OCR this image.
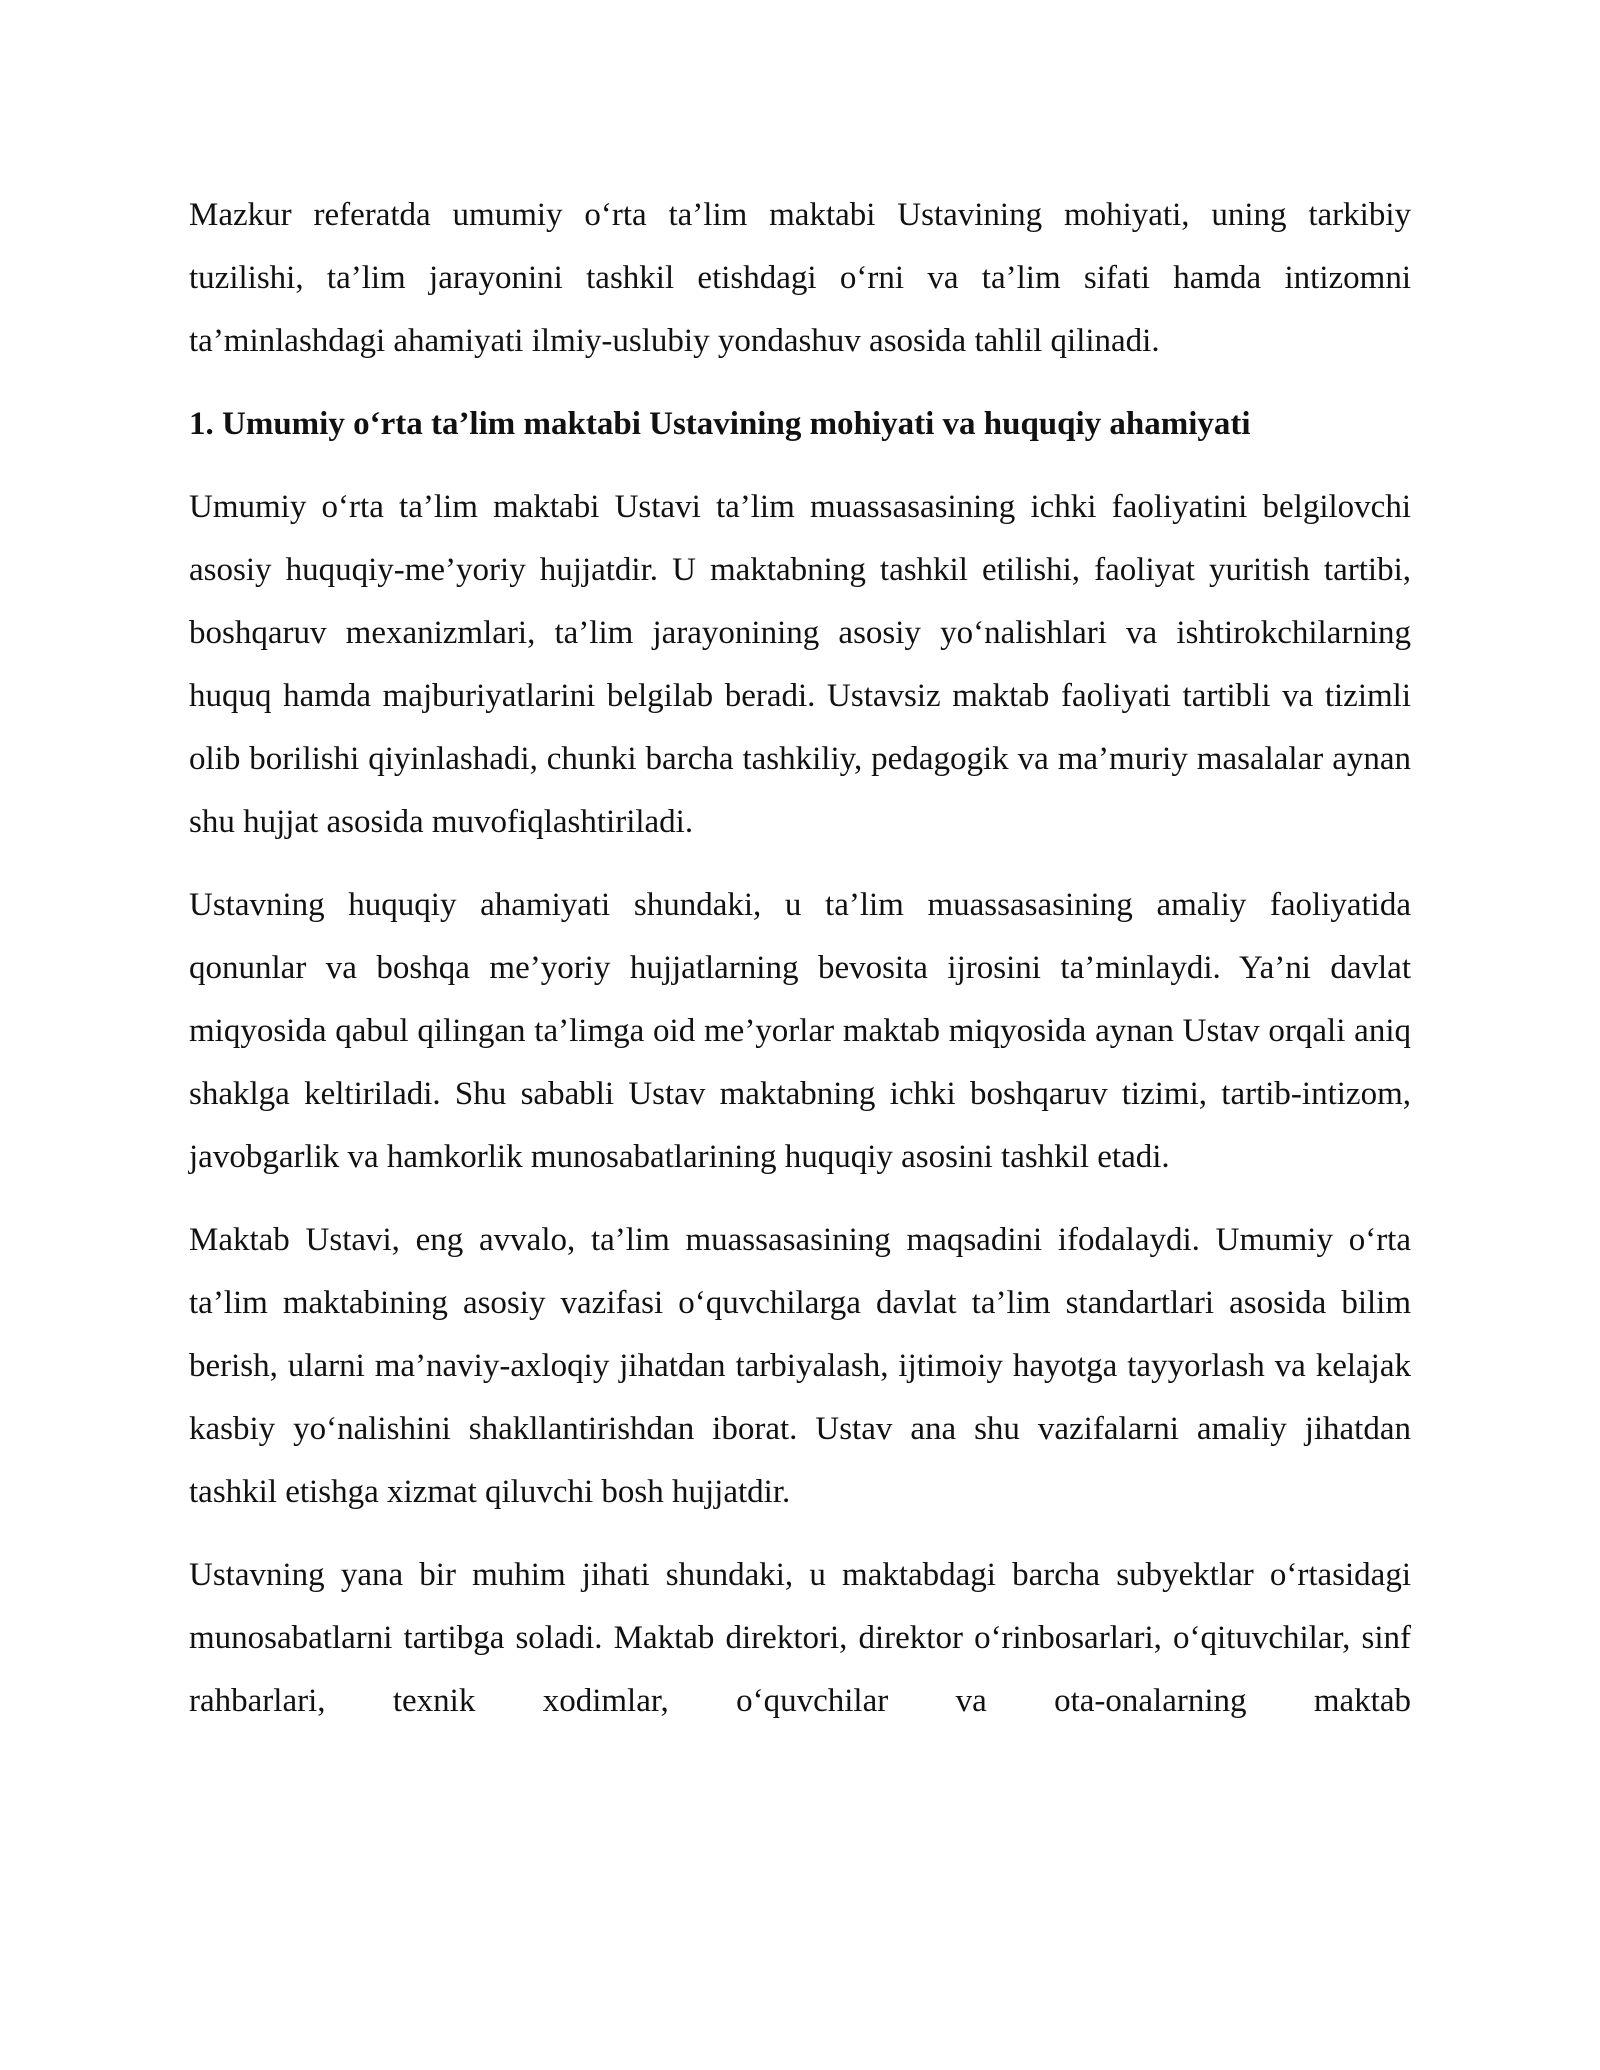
Mazkur referatda umumiy o‘rta ta’lim maktabi Ustavining mohiyati, uning tarkibiy tuzilishi, ta’lim jarayonini tashkil etishdagi o‘rni va ta’lim sifati hamda intizomni ta’minlashdagi ahamiyati ilmiy-uslubiy yondashuv asosida tahlil qilinadi.

1. Umumiy o‘rta ta’lim maktabi Ustavining mohiyati va huquqiy ahamiyati

Umumiy o‘rta ta’lim maktabi Ustavi ta’lim muassasasining ichki faoliyatini belgilovchi asosiy huquqiy-me’yoriy hujjatdir. U maktabning tashkil etilishi, faoliyat yuritish tartibi, boshqaruv mexanizmlari, ta’lim jarayonining asosiy yo‘nalishlari va ishtirokchilarning huquq hamda majburiyatlarini belgilab beradi. Ustavsiz maktab faoliyati tartibli va tizimli olib borilishi qiyinlashadi, chunki barcha tashkiliy, pedagogik va ma’muriy masalalar aynan shu hujjat asosida muvofiqlashtiriladi.

Ustavning huquqiy ahamiyati shundaki, u ta’lim muassasasining amaliy faoliyatida qonunlar va boshqa me’yoriy hujjatlarning bevosita ijrosini ta’minlaydi. Ya’ni davlat miqyosida qabul qilingan ta’limga oid me’yorlar maktab miqyosida aynan Ustav orqali aniq shaklga keltiriladi. Shu sababli Ustav maktabning ichki boshqaruv tizimi, tartib-intizom, javobgarlik va hamkorlik munosabatlarining huquqiy asosini tashkil etadi.

Maktab Ustavi, eng avvalo, ta’lim muassasasining maqsadini ifodalaydi. Umumiy o‘rta ta’lim maktabining asosiy vazifasi o‘quvchilarga davlat ta’lim standartlari asosida bilim berish, ularni ma’naviy-axloqiy jihatdan tarbiyalash, ijtimoiy hayotga tayyorlash va kelajak kasbiy yo‘nalishini shakllantirishdan iborat. Ustav ana shu vazifalarni amaliy jihatdan tashkil etishga xizmat qiluvchi bosh hujjatdir.

Ustavning yana bir muhim jihati shundaki, u maktabdagi barcha subyektlar o‘rtasidagi munosabatlarni tartibga soladi. Maktab direktori, direktor o‘rinbosarlari, o‘qituvchilar, sinf rahbarlari, texnik xodimlar, o‘quvchilar va ota-onalarning maktab
